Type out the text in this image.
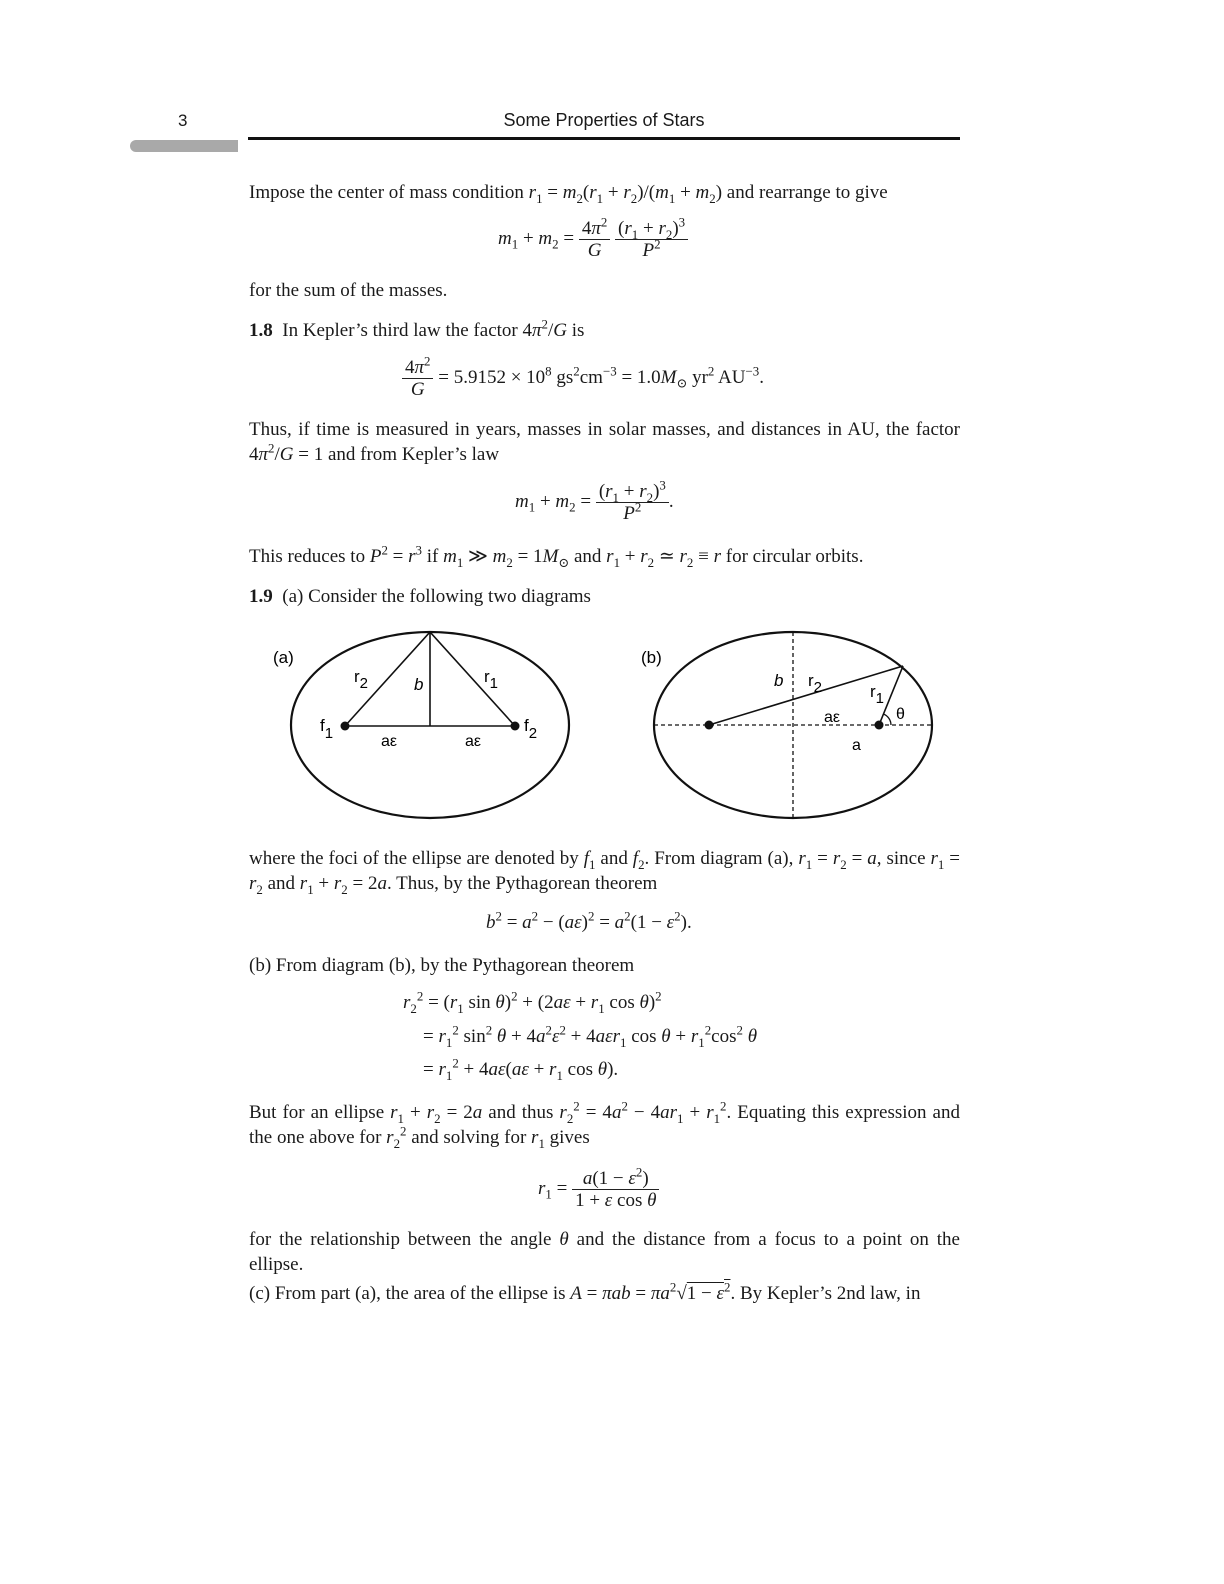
3	Some Properties of Stars
Impose the center of mass condition $r_1 = m_2(r_1 + r_2)/(m_1 + m_2)$ and rearrange to give
$m_1 + m_2 = \frac{4\pi^2}{G}$
$\frac{(r_1 + r_2)^3}{P^2}$
for the sum of the masses.
1.8  In Kepler’s third law the factor $4\pi^2/G$ is
$\frac{4\pi^2}{G} = 5.9152 \times 10^8$ $gs^2cm^{-3} = 1.0M_⊙$ $yr^2$ $AU^{-3}$.
Thus, if time is measured in years, masses in solar masses, and distances in AU, the factor $4\pi^2/G = 1$ and from Kepler’s law
$m_1 + m_2 = \frac{(r_1 + r_2)^3}{P^2}$ .
This reduces to $P^2 = r^3$ if $m_1$ ≫ $m_2 = 1M_⊙$ and $r_1 + r_2$ ≃ $r_2 \equiv r$ for circular orbits.
1.9  (a) Consider the following two diagrams
(a)
r2	b	r1
f1	f2
aε	aε
(b)
b r2	r1
aε	θ
a
where the foci of the ellipse are denoted by $f_1$ and $f_2$. From diagram (a), $r_1 = r_2 = a$, since $r_1 = r_2$ and $r_1 + r_2 = 2a$. Thus, by the Pythagorean theorem
$b^2 = a^2 - (a\varepsilon)^2 = a^2(1 - \varepsilon^2)$.
(b) From diagram (b), by the Pythagorean theorem
$r_2^2 = (r_1$ $\sin \theta)^2 + (2a\varepsilon + r_1$ cos θ)$^2$
= $r_1^2$ $\sin^2 \theta + 4a^2\varepsilon^2 + 4a\varepsilon r_1$ $\cos \theta + r_1^2\cos^2$ θ
= $r_1^2 + 4a\varepsilon(a\varepsilon + r_1$ cos θ).
But for an ellipse $r_1 + r_2 = 2a$ and thus $r_2^2 = 4a^2 - 4ar_1 + r_1^2$. Equating this expression and the one above for $r_2^2$ and solving for $r_1$ gives
$r_1 = \frac{a(1 - \varepsilon^2)}{\text{1 + ε cos θ}}$
for the relationship between the angle θ and the distance from a focus to a point on the ellipse.
(c) From part (a), the area of the ellipse is $A = \pi ab = \pi a^2√1 - \varepsilon^2$. By Kepler’s 2nd law, in
